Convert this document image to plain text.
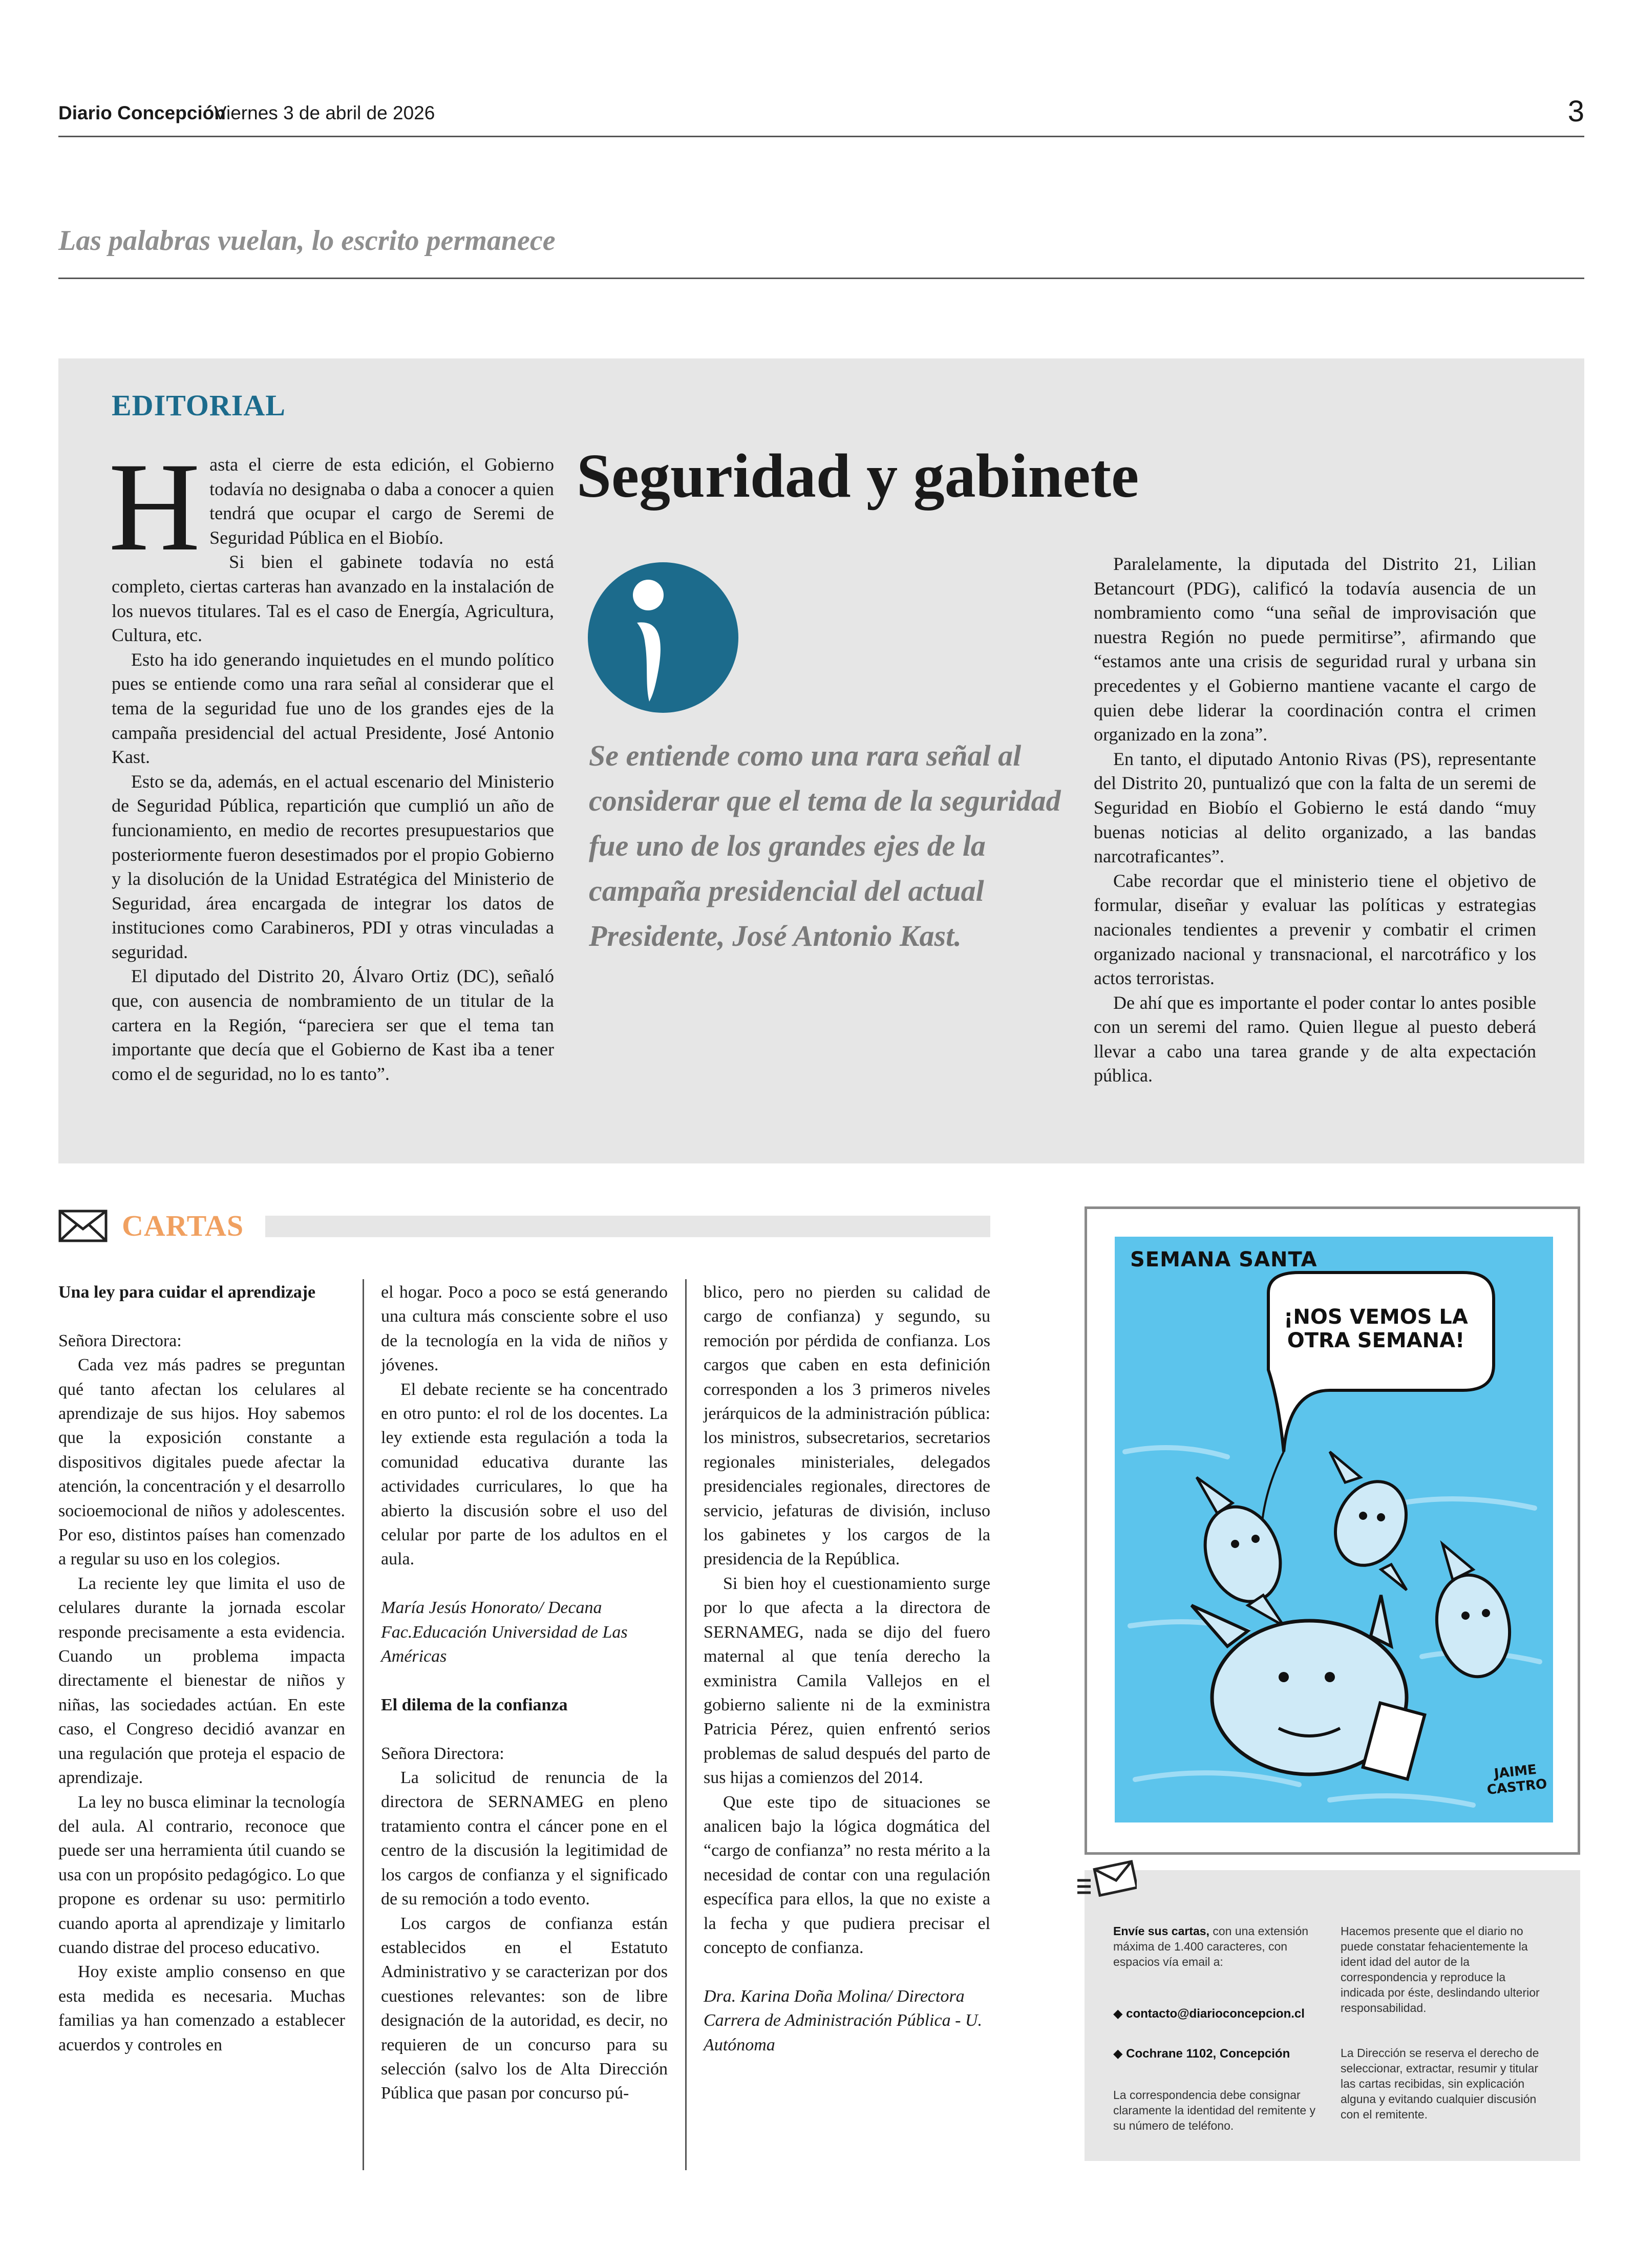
Diario Concepción
Viernes 3 de abril de 2026	3
Las palabras vuelan, lo escrito permanece
EDITORIAL

Hasta el cierre de esta edición, el Gobierno todavía no designaba o daba a conocer a quien tendrá que ocupar el cargo de Seremi de Seguridad Pública en el Biobío.

Si bien el gabinete todavía no está completo, ciertas carteras han avanzado en la instalación de los nuevos titulares. Tal es el caso de Energía, Agricultura, Cultura, etc.

Esto ha ido generando inquietudes en el mundo político pues se entiende como una rara señal al considerar que el tema de la seguridad fue uno de los grandes ejes de la campaña presidencial del actual Presidente, José Antonio Kast.

Esto se da, además, en el actual escenario del Ministerio de Seguridad Pública, repartición que cumplió un año de funcionamiento, en medio de recortes presupuestarios que posteriormente fueron desestimados por el propio Gobierno y la disolución de la Unidad Estratégica del Ministerio de Seguridad, área encargada de integrar los datos de instituciones como Carabineros, PDI y otras vinculadas a seguridad.

El diputado del Distrito 20, Álvaro Ortiz (DC), señaló que, con ausencia de nombramiento de un titular de la cartera en la Región, “pareciera ser que el tema tan importante que decía que el Gobierno de Kast iba a tener como el de seguridad, no lo es tanto”.

Seguridad y gabinete
Se entiende como una rara señal al considerar que el tema de la seguridad fue uno de los grandes ejes de la campaña presidencial del actual Presidente, José Antonio Kast.

Paralelamente, la diputada del Distrito 21, Lilian Betancourt (PDG), calificó la todavía ausencia de un nombramiento como “una señal de improvisación que nuestra Región no puede permitirse”, afirmando que “estamos ante una crisis de seguridad rural y urbana sin precedentes y el Gobierno mantiene vacante el cargo de quien debe liderar la coordinación contra el crimen organizado en la zona”.

En tanto, el diputado Antonio Rivas (PS), representante del Distrito 20, puntualizó que con la falta de un seremi de Seguridad en Biobío el Gobierno le está dando “muy buenas noticias al delito organizado, a las bandas narcotraficantes”.

Cabe recordar que el ministerio tiene el objetivo de formular, diseñar y evaluar las políticas y estrategias nacionales tendientes a prevenir y combatir el crimen organizado nacional y transnacional, el narcotráfico y los actos terroristas.

De ahí que es importante el poder contar lo antes posible con un seremi del ramo. Quien llegue al puesto deberá llevar a cabo una tarea grande y de alta expectación pública.

CARTAS

Una ley para cuidar el aprendizaje

Señora Directora:

Cada vez más padres se preguntan qué tanto afectan los celulares al aprendizaje de sus hijos. Hoy sabemos que la exposición constante a dispositivos digitales puede afectar la atención, la concentración y el desarrollo socioemocional de niños y adolescentes. Por eso, distintos países han comenzado a regular su uso en los colegios.

La reciente ley que limita el uso de celulares durante la jornada escolar responde precisamente a esta evidencia. Cuando un problema impacta directamente el bienestar de niños y niñas, las sociedades actúan. En este caso, el Congreso decidió avanzar en una regulación que proteja el espacio de aprendizaje.

La ley no busca eliminar la tecnología del aula. Al contrario, reconoce que puede ser una herramienta útil cuando se usa con un propósito pedagógico. Lo que propone es ordenar su uso: permitirlo cuando aporta al aprendizaje y limitarlo cuando distrae del proceso educativo.

Hoy existe amplio consenso en que esta medida es necesaria. Muchas familias ya han comenzado a establecer acuerdos y controles en

el hogar. Poco a poco se está generando una cultura más consciente sobre el uso de la tecnología en la vida de niños y jóvenes.

El debate reciente se ha concentrado en otro punto: el rol de los docentes. La ley extiende esta regulación a toda la comunidad educativa durante las actividades curriculares, lo que ha abierto la discusión sobre el uso del celular por parte de los adultos en el aula.

María Jesús Honorato/ Decana Fac.Educación Universidad de Las Américas

El dilema de la confianza

Señora Directora:

La solicitud de renuncia de la directora de SERNAMEG en pleno tratamiento contra el cáncer pone en el centro de la discusión la legitimidad de los cargos de confianza y el significado de su remoción a todo evento.

Los cargos de confianza están establecidos en el Estatuto Administrativo y se caracterizan por dos cuestiones relevantes: son de libre designación de la autoridad, es decir, no requieren de un concurso para su selección (salvo los de Alta Dirección Pública que pasan por concurso pú-

blico, pero no pierden su calidad de cargo de confianza) y segundo, su remoción por pérdida de confianza. Los cargos que caben en esta definición corresponden a los 3 primeros niveles jerárquicos de la administración pública: los ministros, subsecretarios, secretarios regionales ministeriales, delegados presidenciales regionales, directores de servicio, jefaturas de división, incluso los gabinetes y los cargos de la presidencia de la República.

Si bien hoy el cuestionamiento surge por lo que afecta a la directora de SERNAMEG, nada se dijo del fuero maternal al que tenía derecho la exministra Camila Vallejos en el gobierno saliente ni de la exministra Patricia Pérez, quien enfrentó serios problemas de salud después del parto de sus hijas a comienzos del 2014.

Que este tipo de situaciones se analicen bajo la lógica dogmática del “cargo de confianza” no resta mérito a la necesidad de contar con una regulación específica para ellos, la que no existe a la fecha y que pudiera precisar el concepto de confianza.

Dra. Karina Doña Molina/ Directora Carrera de Administración Pública - U. Autónoma

SEMANA SANTA
¡NOS VEMOS LA OTRA SEMANA!
JAIME CASTRO
Envíe sus cartas, con una extensión máxima de 1.400 caracteres, con espacios vía email a:
◆ contacto@diarioconcepcion.cl
◆ Cochrane 1102, Concepción
La correspondencia debe consignar claramente la identidad del remitente y su número de teléfono.
Hacemos presente que el diario no puede constatar fehacientemente la ident idad del autor de la correspondencia y reproduce la indicada por éste, deslindando ulterior responsabilidad.
La Dirección se reserva el derecho de seleccionar, extractar, resumir y titular las cartas recibidas, sin explicación alguna y evitando cualquier discusión con el remitente.
